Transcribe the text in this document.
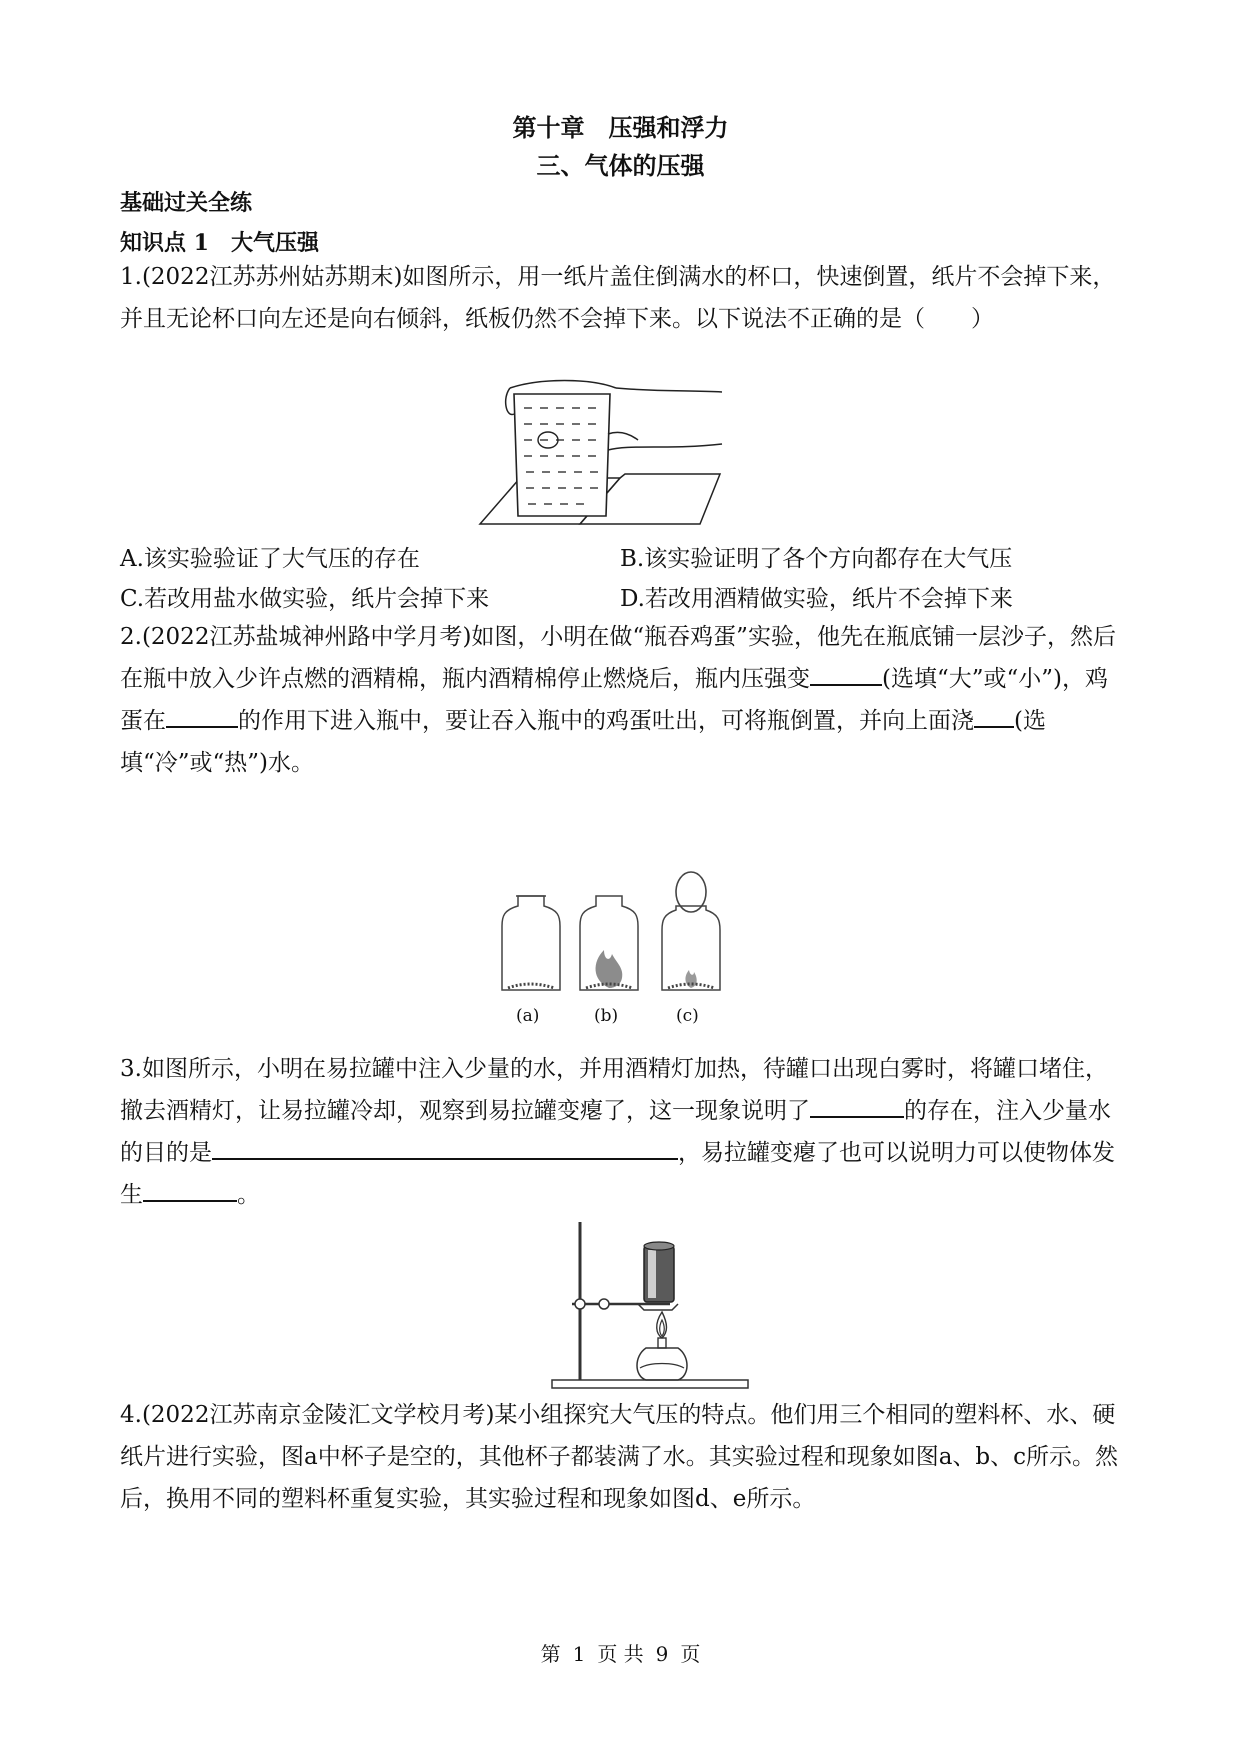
第十章　压强和浮力
三、气体的压强
基础过关全练
知识点 1　大气压强
1.(2022江苏苏州姑苏期末)如图所示，用一纸片盖住倒满水的杯口，快速倒置，纸片不会掉下来，并且无论杯口向左还是向右倾斜，纸板仍然不会掉下来。以下说法不正确的是（　　）
A.该实验验证了大气压的存在	B.该实验证明了各个方向都存在大气压
C.若改用盐水做实验，纸片会掉下来	D.若改用酒精做实验，纸片不会掉下来
2.(2022江苏盐城神州路中学月考)如图，小明在做“瓶吞鸡蛋”实验，他先在瓶底铺一层沙子，然后在瓶中放入少许点燃的酒精棉，瓶内酒精棉停止燃烧后，瓶内压强变	(选填“大”或“小”)，鸡蛋在	的作用下进入瓶中，要让吞入瓶中的鸡蛋吐出，可将瓶倒置，并向上面浇 (选填“冷”或“热”)水。
(a)	(b)	(c)
3.如图所示，小明在易拉罐中注入少量的水，并用酒精灯加热，待罐口出现白雾时，将罐口堵住，撤去酒精灯，让易拉罐冷却，观察到易拉罐变瘪了，这一现象说明了	的存在，注入少量水的目的是	，易拉罐变瘪了也可以说明力可以使物体发生	。
4.(2022江苏南京金陵汇文学校月考)某小组探究大气压的特点。他们用三个相同的塑料杯、水、硬纸片进行实验，图a中杯子是空的，其他杯子都装满了水。其实验过程和现象如图a、b、c所示。然后，换用不同的塑料杯重复实验，其实验过程和现象如图d、e所示。
第 1 页 共 9 页
